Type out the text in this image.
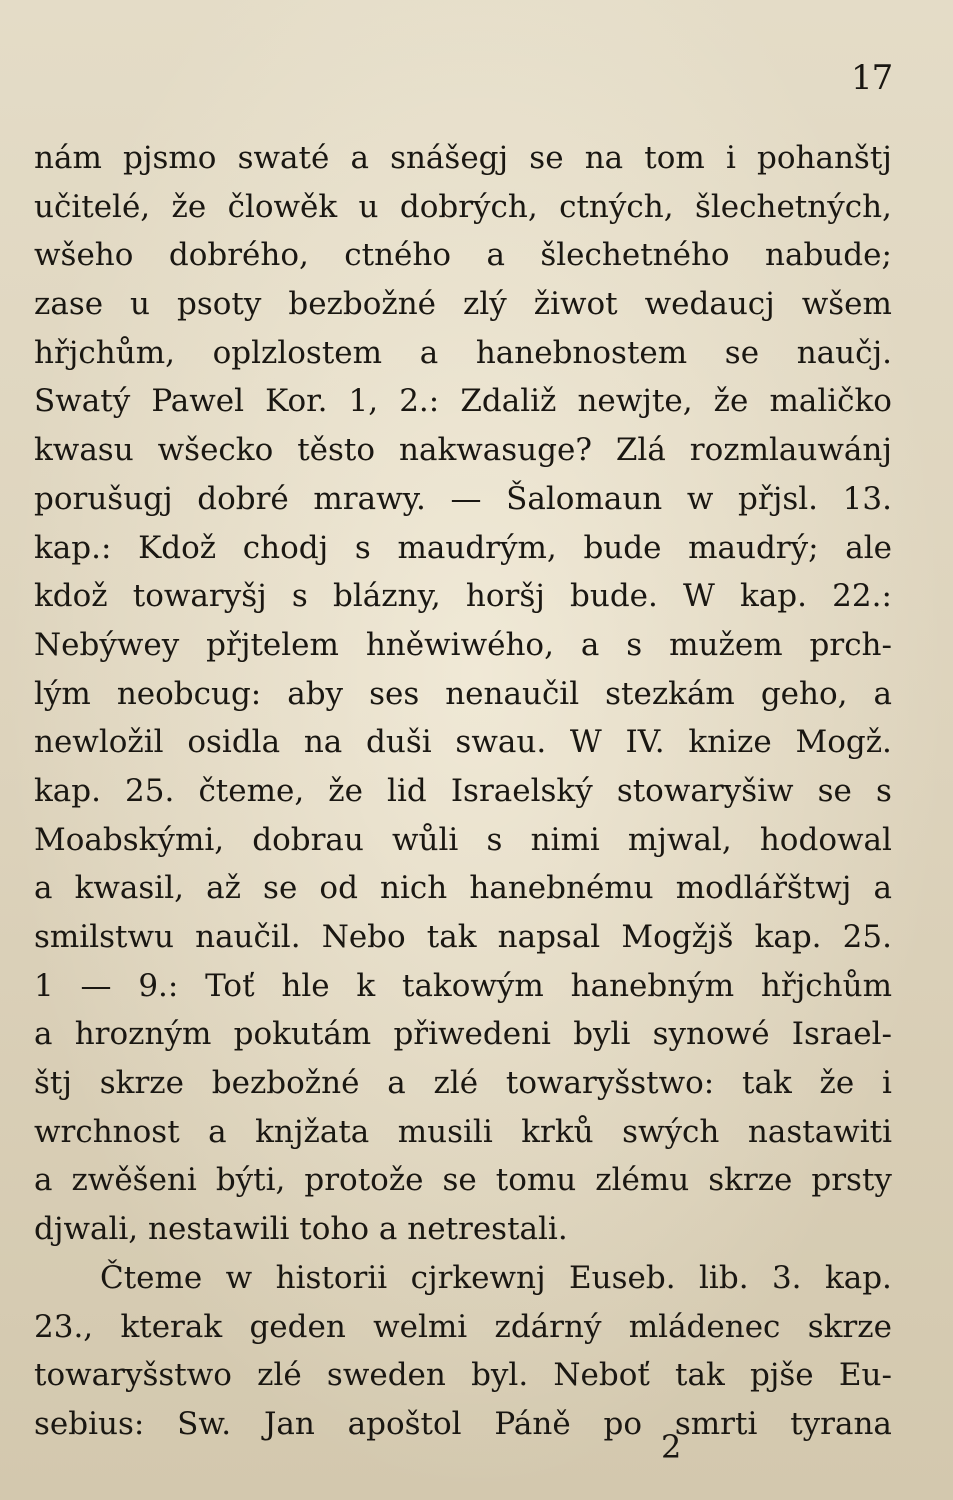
17
nám pjsmo swaté a snášegj se na tom i pohanštj
učitelé, že člowěk u dobrých, ctných, šlechetných,
wšeho dobrého, ctného a šlechetného nabude;
zase u psoty bezbožné zlý žiwot wedaucj wšem
hřjchům, oplzlostem a hanebnostem se naučj.
Swatý Pawel Kor. 1, 2.: Zdaliž newjte, že maličko
kwasu wšecko těsto nakwasuge? Zlá rozmlauwánj
porušugj dobré mrawy. — Šalomaun w přjsl. 13.
kap.: Kdož chodj s maudrým, bude maudrý; ale
kdož towaryšj s blázny, horšj bude. W kap. 22.:
Nebýwey přjtelem hněwiwého, a s mužem prch-
lým neobcug: aby ses nenaučil stezkám geho, a
newložil osidla na duši swau. W IV. knize Mogž.
kap. 25. čteme, že lid Israelský stowaryšiw se s
Moabskými, dobrau wůli s nimi mjwal, hodowal
a kwasil, až se od nich hanebnému modlářštwj a
smilstwu naučil. Nebo tak napsal Mogžjš kap. 25.
1 — 9.: Toť hle k takowým hanebným hřjchům
a hrozným pokutám přiwedeni byli synowé Israel-
štj skrze bezbožné a zlé towaryšstwo: tak že i
wrchnost a knjžata musili krků swých nastawiti
a zwěšeni býti, protože se tomu zlému skrze prsty
djwali, nestawili toho a netrestali.
Čteme w historii cjrkewnj Euseb. lib. 3. kap.
23., kterak geden welmi zdárný mládenec skrze
towaryšstwo zlé sweden byl. Neboť tak pjše Eu-
sebius: Sw. Jan apoštol Páně po smrti tyrana
2
